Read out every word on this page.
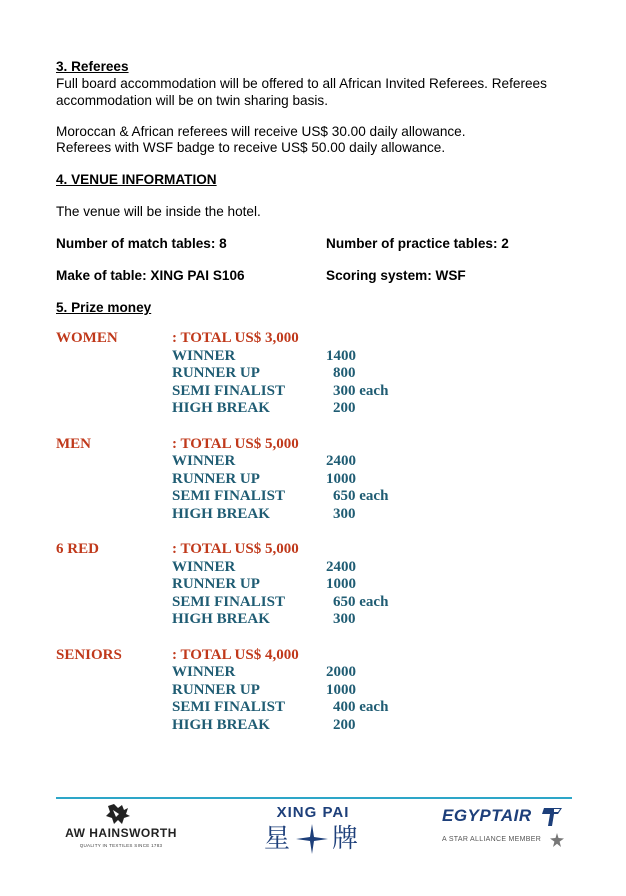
3. Referees
Full board accommodation will be offered to all African Invited Referees. Referees
accommodation will be on twin sharing basis.
Moroccan & African referees will receive US$ 30.00 daily allowance.
Referees with WSF badge to receive US$ 50.00 daily allowance.
4. VENUE INFORMATION
The venue will be inside the hotel.
Number of match tables: 8	Number of practice tables: 2
Make of table: XING PAI S106	Scoring system: WSF
5. Prize money
WOMEN	: TOTAL US$ 3,000
WINNER	1400
RUNNER UP	800
SEMI FINALIST	300 each
HIGH BREAK	200
MEN	: TOTAL US$ 5,000
WINNER	2400
RUNNER UP	1000
SEMI FINALIST	650 each
HIGH BREAK	300
6 RED	: TOTAL US$ 5,000
WINNER	2400
RUNNER UP	1000
SEMI FINALIST	650 each
HIGH BREAK	300
SENIORS	: TOTAL US$ 4,000
WINNER	2000
RUNNER UP	1000
SEMI FINALIST	400 each
HIGH BREAK	200
AW HAINSWORTH
QUALITY IN TEXTILES SINCE 1783
XING PAI
星 牌
EGYPTAIR
A STAR ALLIANCE MEMBER
